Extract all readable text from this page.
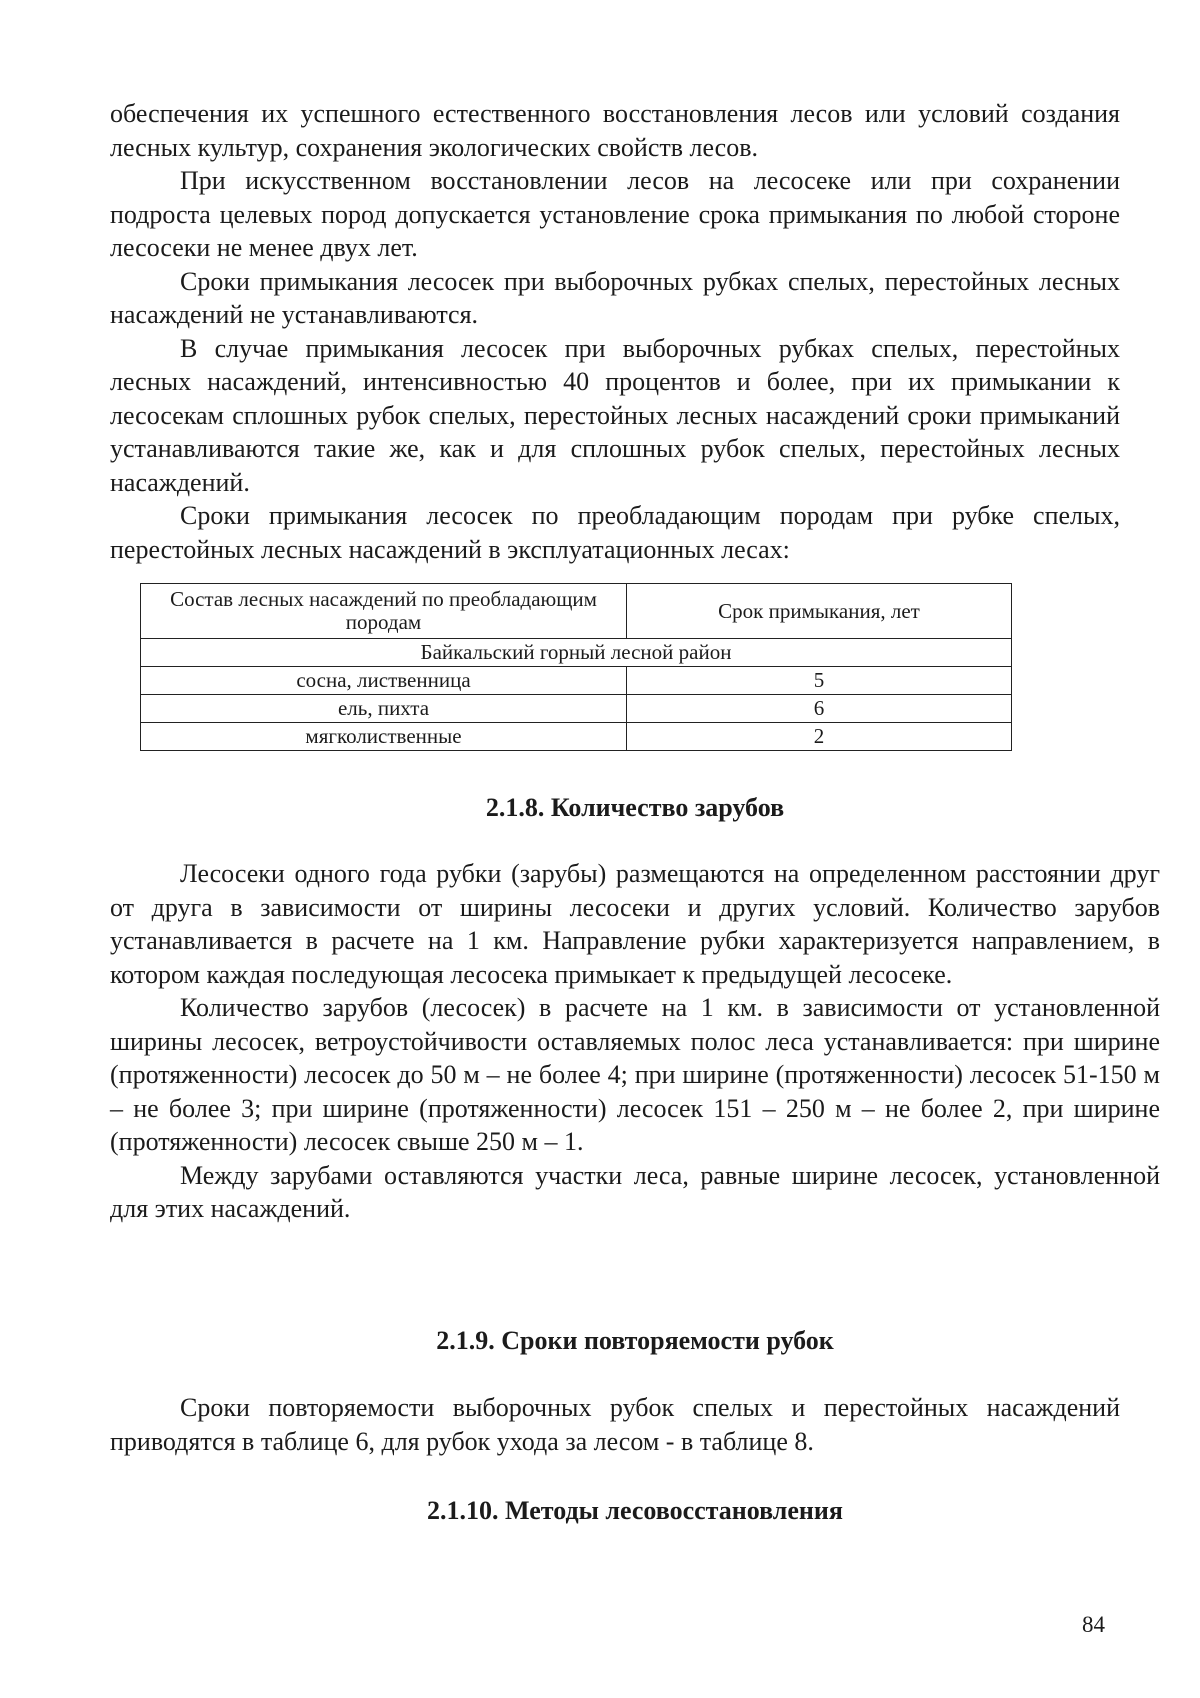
обеспечения их успешного естественного восстановления лесов или условий создания лесных культур, сохранения экологических свойств лесов.

При искусственном восстановлении лесов на лесосеке или при сохранении подроста целевых пород допускается установление срока примыкания по любой стороне лесосеки не менее двух лет.

Сроки примыкания лесосек при выборочных рубках спелых, перестойных лесных насаждений не устанавливаются.

В случае примыкания лесосек при выборочных рубках спелых, перестойных лесных насаждений, интенсивностью 40 процентов и более, при их примыкании к лесосекам сплошных рубок спелых, перестойных лесных насаждений сроки примыканий устанавливаются такие же, как и для сплошных рубок спелых, перестойных лесных насаждений.

Сроки примыкания лесосек по преобладающим породам при рубке спелых, перестойных лесных насаждений в эксплуатационных лесах:

Состав лесных насаждений по преобладающим породам	Срок примыкания, лет
Байкальский горный лесной район	
сосна, лиственница	5
ель, пихта	6
мягколиственные	2
2.1.8. Количество зарубов

Лесосеки одного года рубки (зарубы) размещаются на определенном расстоянии друг от друга в зависимости от ширины лесосеки и других условий. Количество зарубов устанавливается в расчете на 1 км. Направление рубки характеризуется направлением, в котором каждая последующая лесосека примыкает к предыдущей лесосеке.

Количество зарубов (лесосек) в расчете на 1 км. в зависимости от установленной ширины лесосек, ветроустойчивости оставляемых полос леса устанавливается: при ширине (протяженности) лесосек до 50 м – не более 4; при ширине (протяженности) лесосек 51-150 м – не более 3; при ширине (протяженности) лесосек 151 – 250 м – не более 2, при ширине (протяженности) лесосек свыше 250 м – 1.

Между зарубами оставляются участки леса, равные ширине лесосек, установленной для этих насаждений.

2.1.9. Сроки повторяемости рубок

Сроки повторяемости выборочных рубок спелых и перестойных насаждений приводятся в таблице 6, для рубок ухода за лесом - в таблице 8.

2.1.10. Методы лесовосстановления
84
